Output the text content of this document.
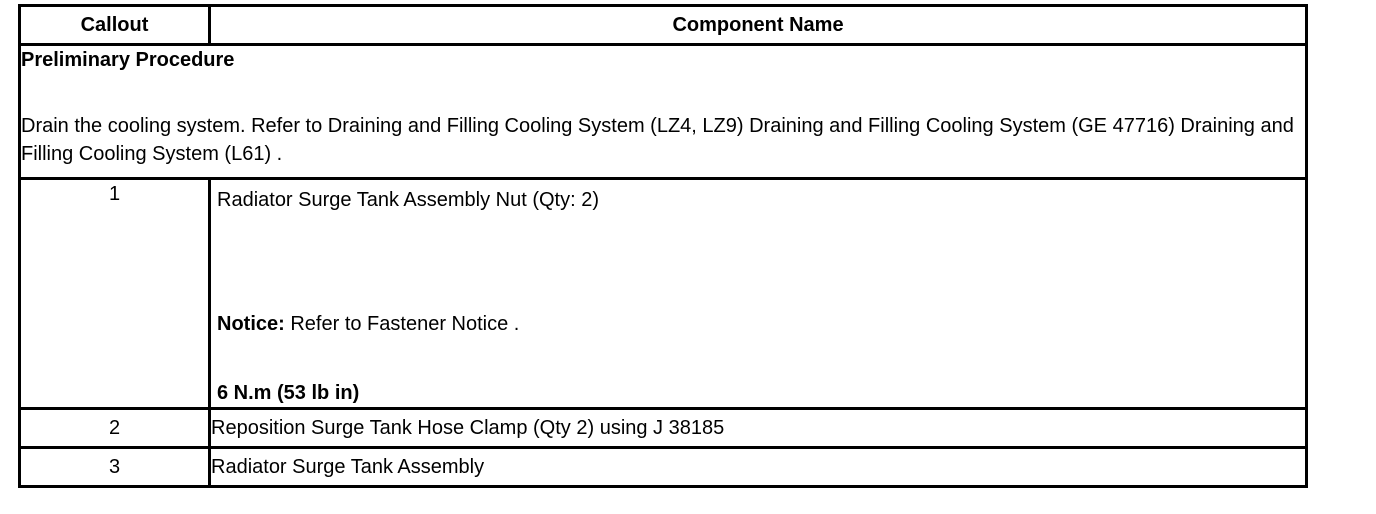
Callout	Component Name

Preliminary Procedure
Drain the cooling system. Refer to Draining and Filling Cooling System (LZ4, LZ9) Draining and Filling Cooling System (GE 47716) Draining and Filling Cooling System (L61) .	

1	Radiator Surge Tank Assembly Nut (Qty: 2)
Notice: Refer to Fastener Notice .
6 N.m (53 lb in)

2	Reposition Surge Tank Hose Clamp (Qty 2) using J 38185
3	Radiator Surge Tank Assembly
